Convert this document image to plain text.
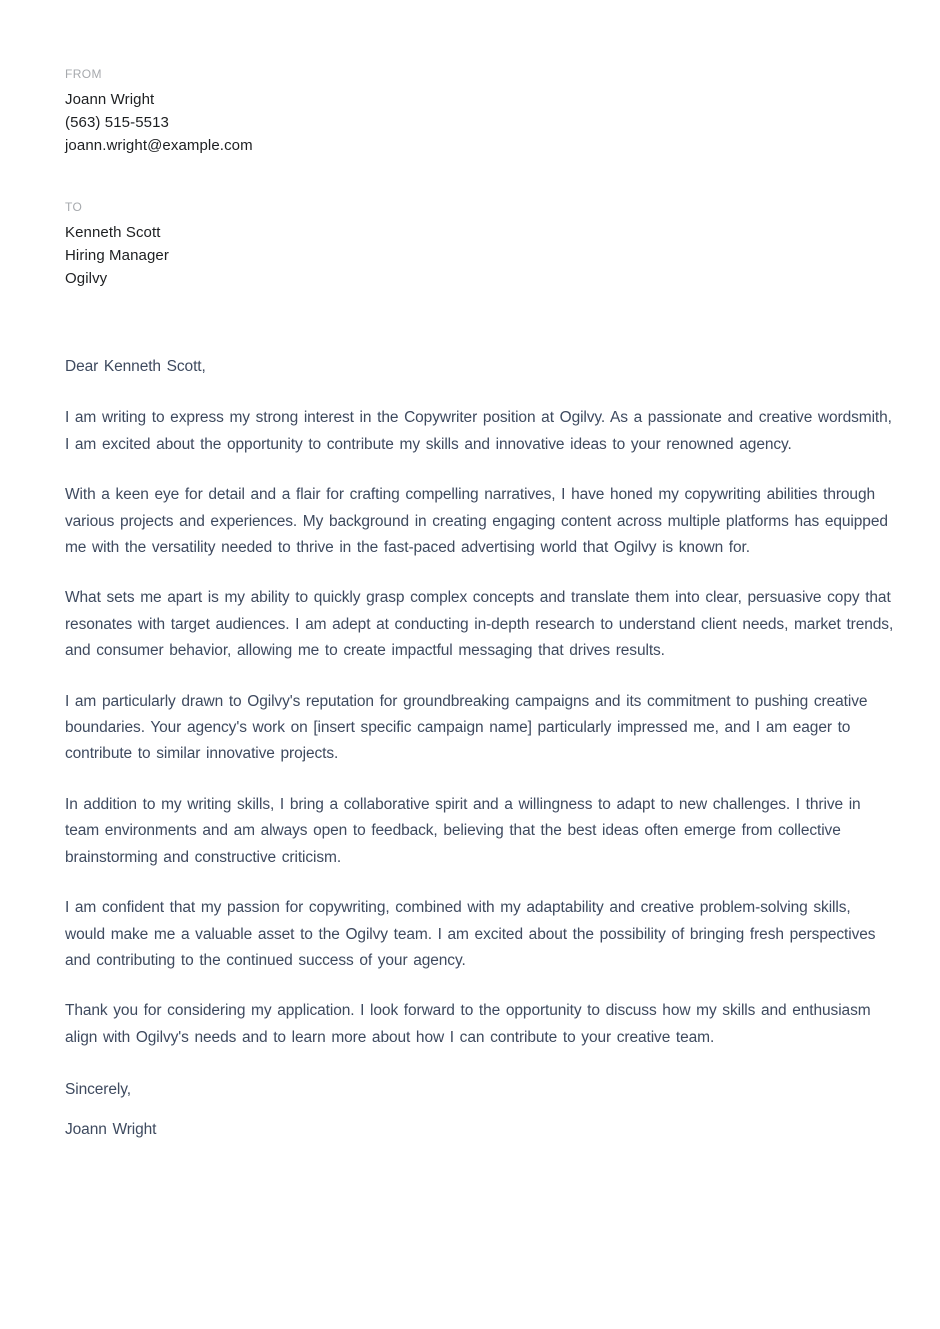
FROM
Joann Wright
(563) 515-5513
joann.wright@example.com
TO
Kenneth Scott
Hiring Manager
Ogilvy

Dear Kenneth Scott,

I am writing to express my strong interest in the Copywriter position at Ogilvy. As a passionate and creative wordsmith, I am excited about the opportunity to contribute my skills and innovative ideas to your renowned agency.

With a keen eye for detail and a flair for crafting compelling narratives, I have honed my copywriting abilities through various projects and experiences. My background in creating engaging content across multiple platforms has equipped me with the versatility needed to thrive in the fast-paced advertising world that Ogilvy is known for.

What sets me apart is my ability to quickly grasp complex concepts and translate them into clear, persuasive copy that resonates with target audiences. I am adept at conducting in-depth research to understand client needs, market trends, and consumer behavior, allowing me to create impactful messaging that drives results.

I am particularly drawn to Ogilvy's reputation for groundbreaking campaigns and its commitment to pushing creative boundaries. Your agency's work on [insert specific campaign name] particularly impressed me, and I am eager to contribute to similar innovative projects.

In addition to my writing skills, I bring a collaborative spirit and a willingness to adapt to new challenges. I thrive in team environments and am always open to feedback, believing that the best ideas often emerge from collective brainstorming and constructive criticism.

I am confident that my passion for copywriting, combined with my adaptability and creative problem-solving skills, would make me a valuable asset to the Ogilvy team. I am excited about the possibility of bringing fresh perspectives and contributing to the continued success of your agency.

Thank you for considering my application. I look forward to the opportunity to discuss how my skills and enthusiasm align with Ogilvy's needs and to learn more about how I can contribute to your creative team.

Sincerely,

Joann Wright
